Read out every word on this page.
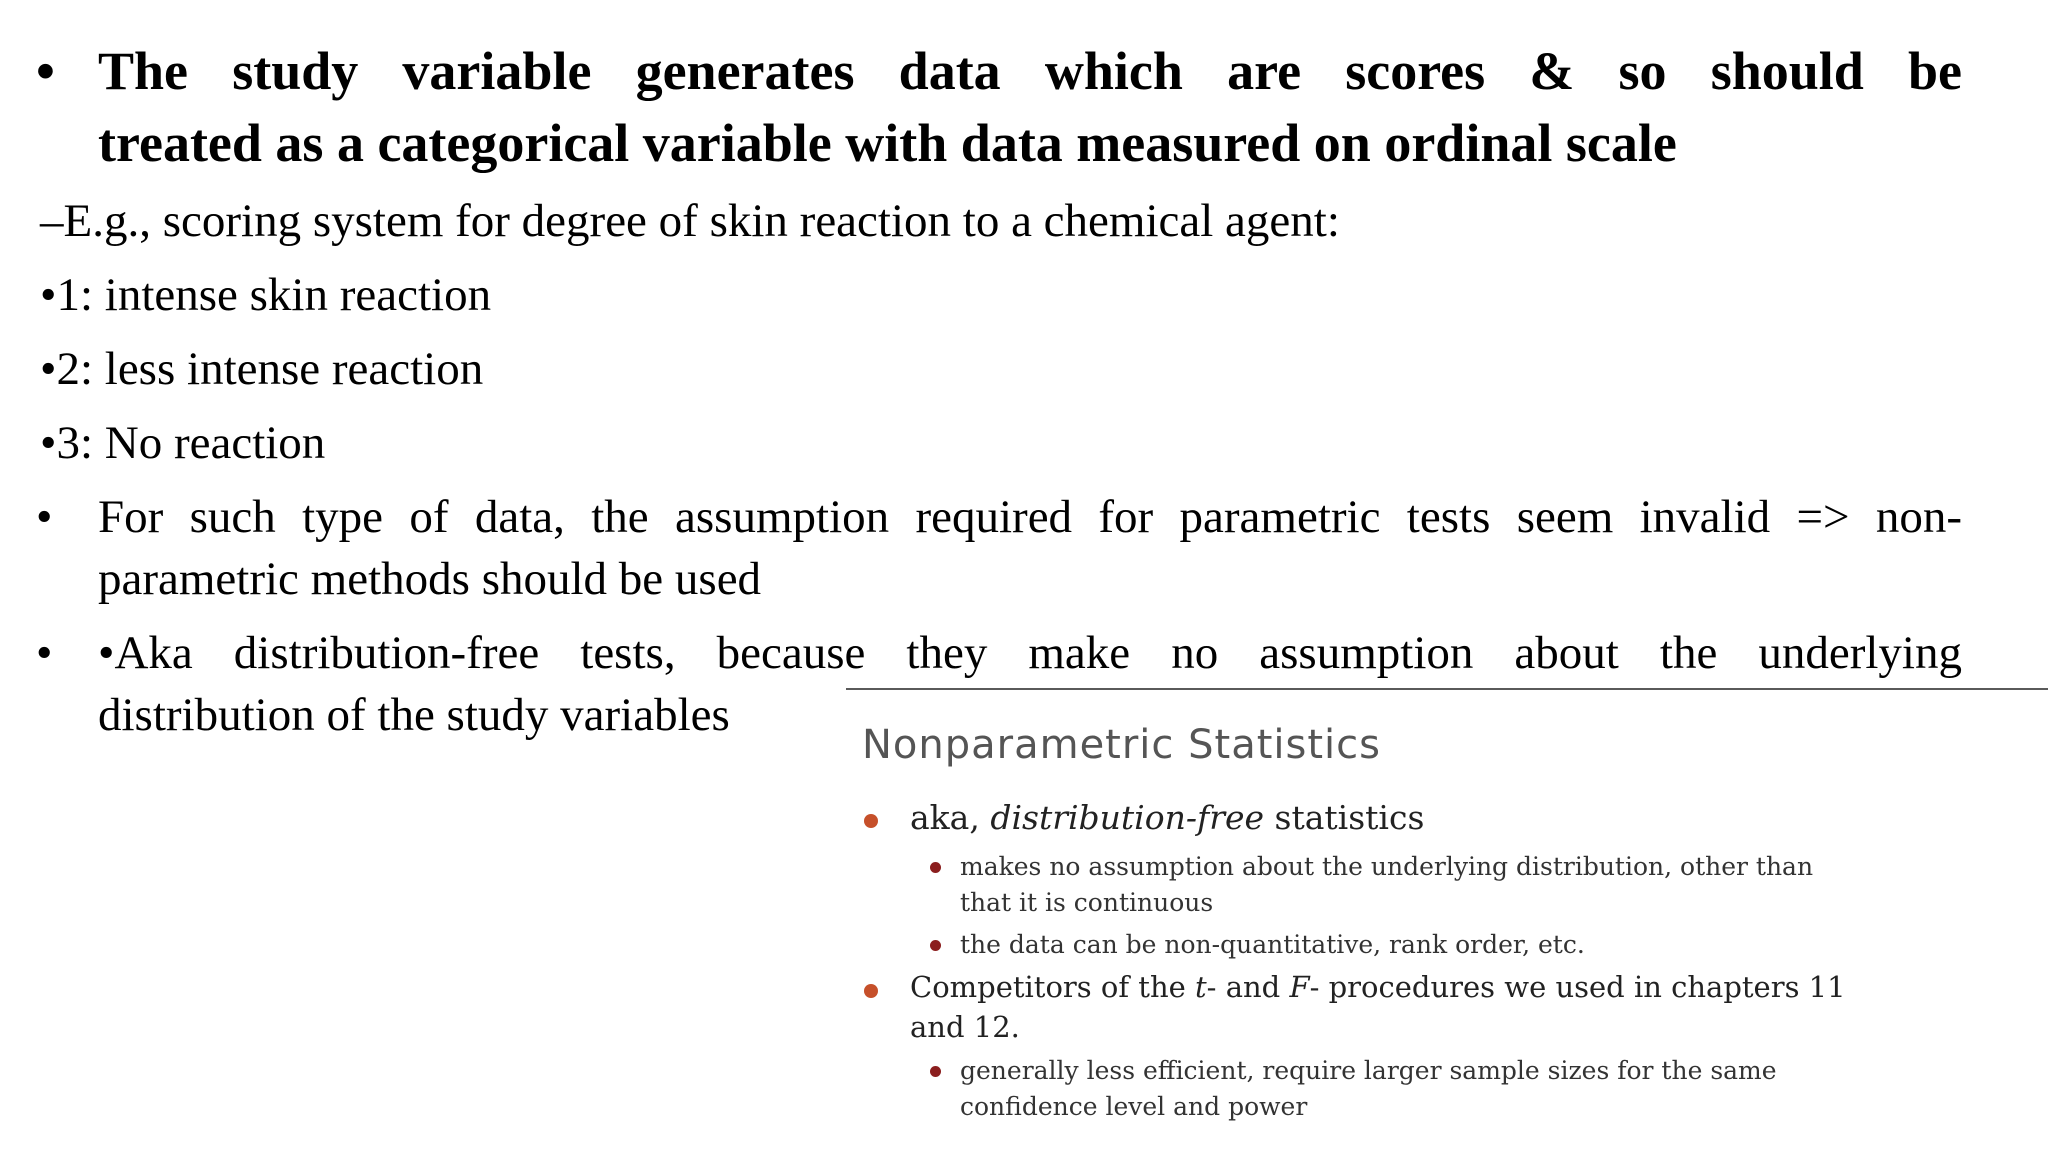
• The study variable generates data which are scores & so should be
treated as a categorical variable with data measured on ordinal scale
–E.g., scoring system for degree of skin reaction to a chemical agent:
•1: intense skin reaction
•2: less intense reaction
•3: No reaction
• For such type of data, the assumption required for parametric tests seem invalid => non-
parametric methods should be used
• •Aka distribution-free tests, because they make no assumption about the underlying
distribution of the study variables
Nonparametric Statistics
aka, distribution-free statistics
makes no assumption about the underlying distribution, other than
that it is continuous
the data can be non-quantitative, rank order, etc.
Competitors of the t- and F- procedures we used in chapters 11
and 12.
generally less efficient, require larger sample sizes for the same
confidence level and power
